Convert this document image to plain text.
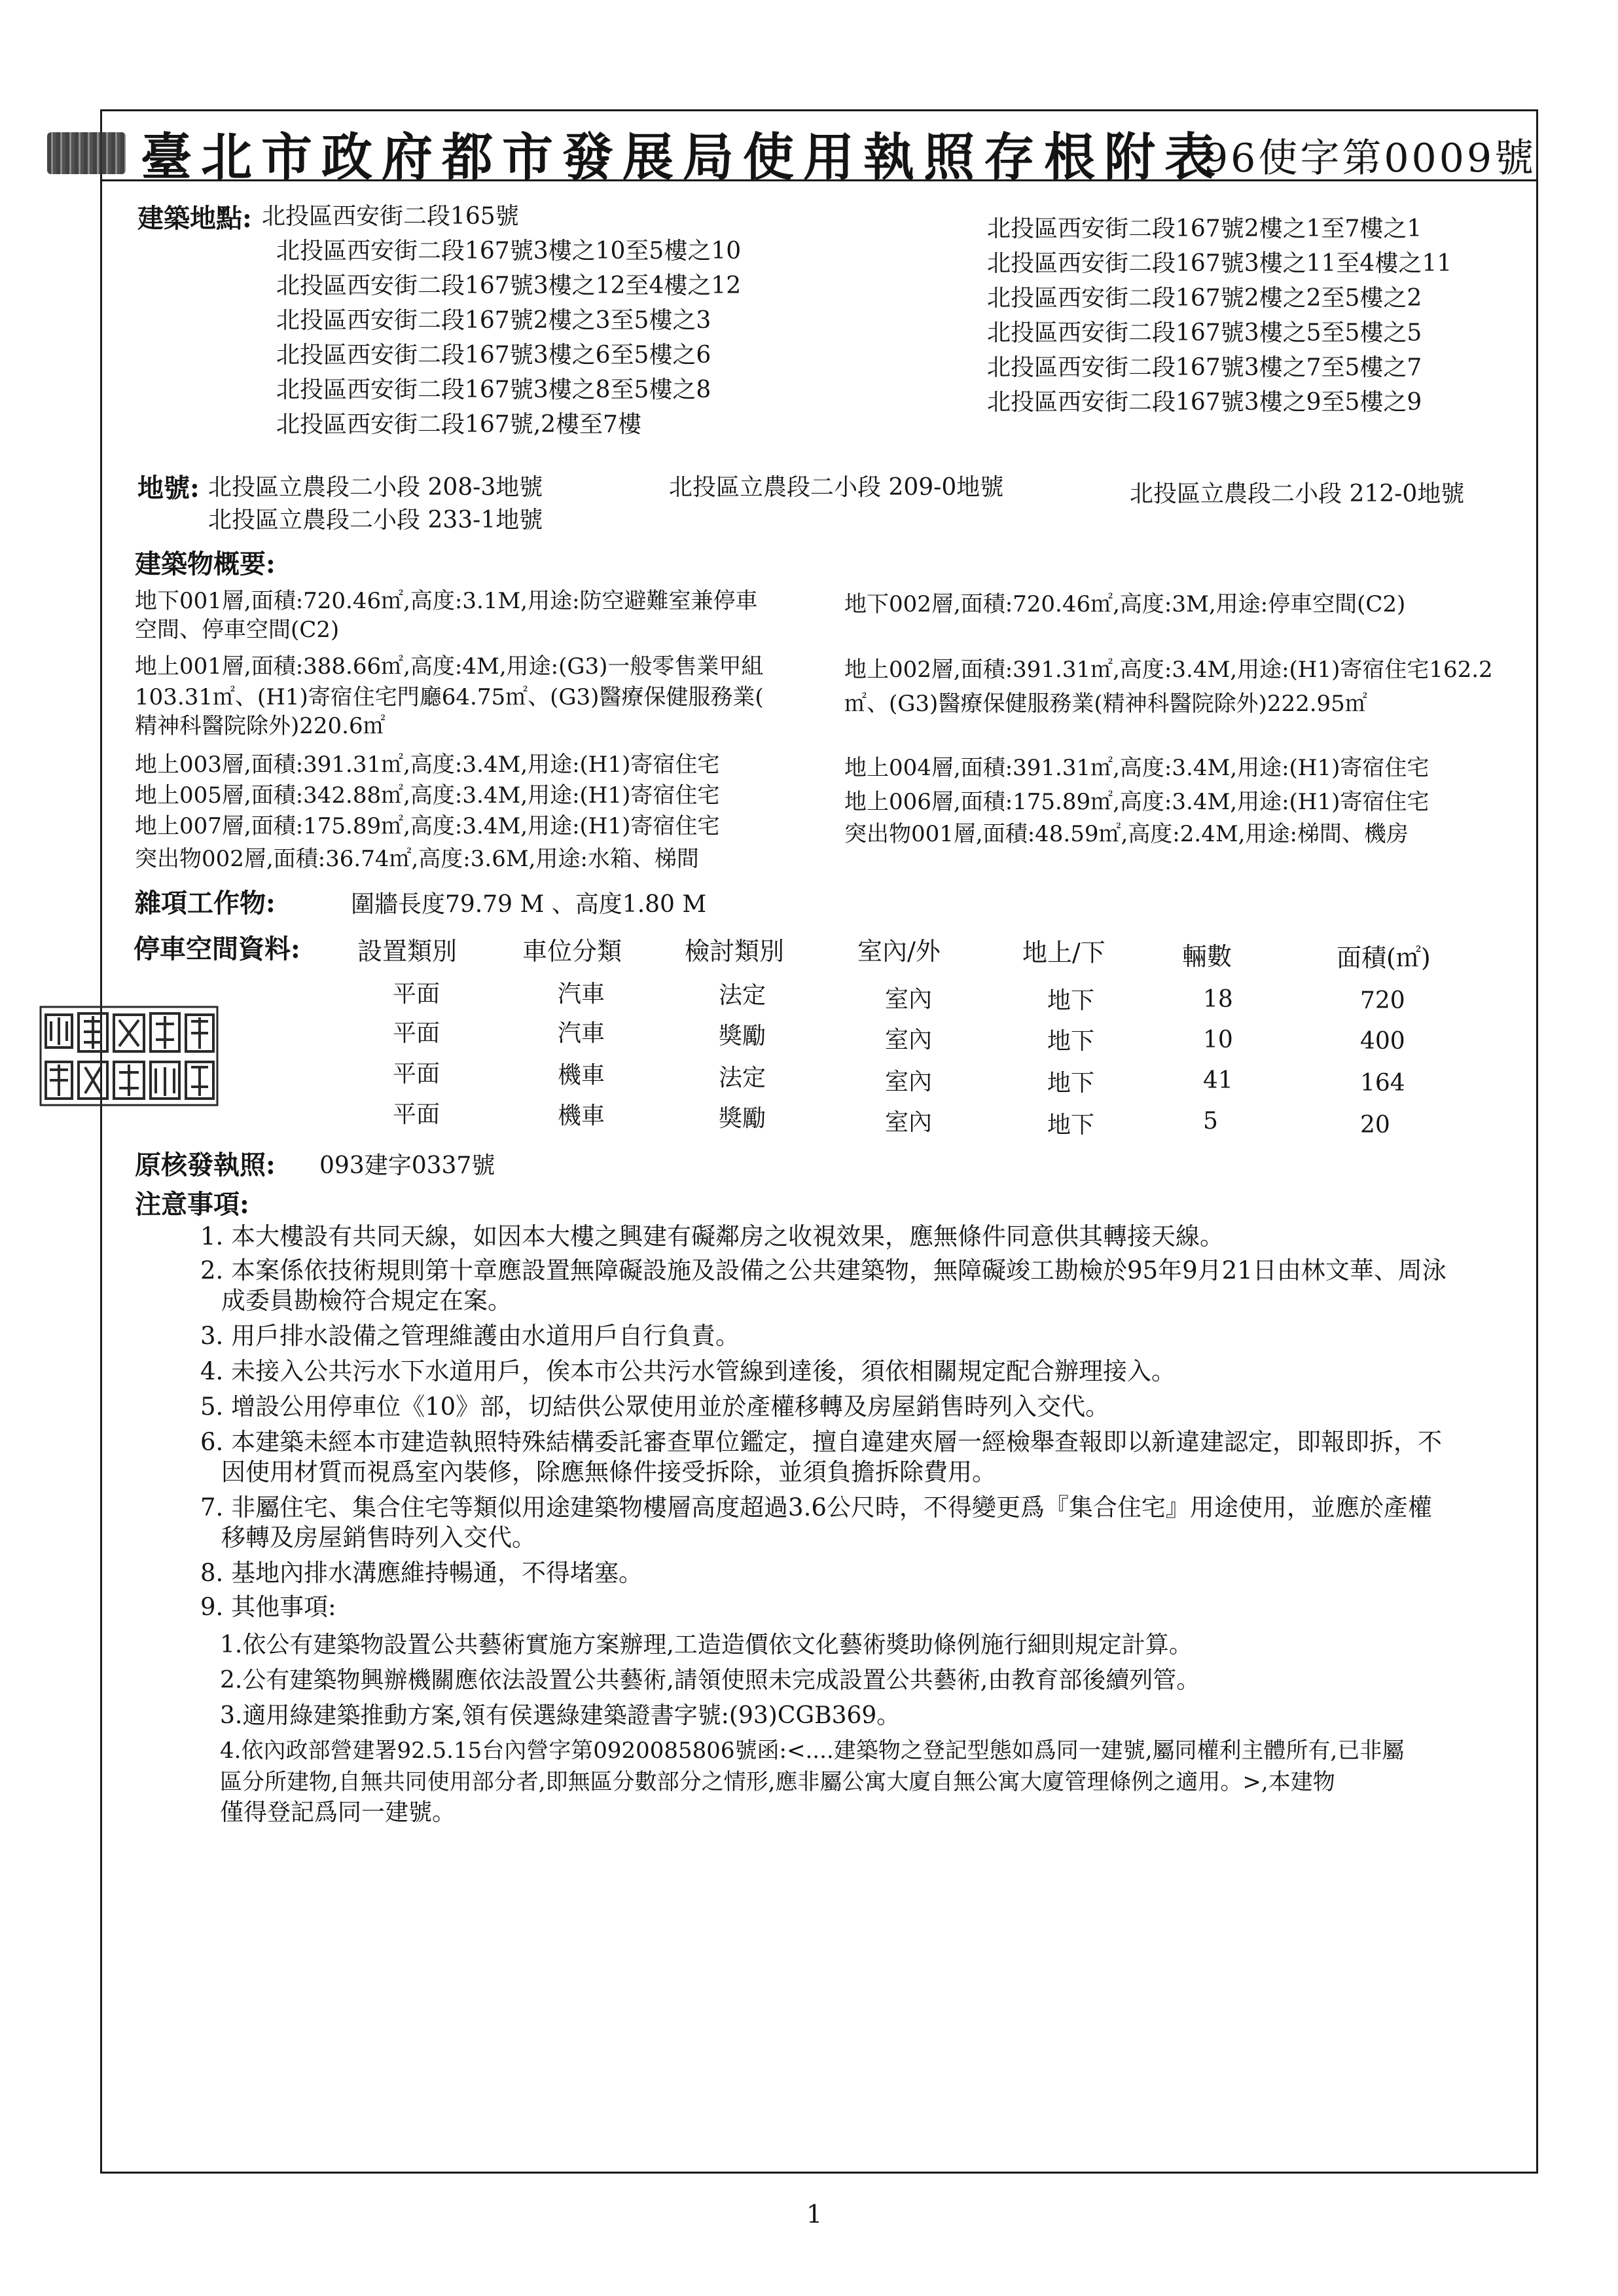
臺北市政府都市發展局使用執照存根附表
96使字第0009號
建築地點: 北投區西安街二段165號
北投區西安街二段167號3樓之10至5樓之10
北投區西安街二段167號3樓之12至4樓之12
北投區西安街二段167號2樓之3至5樓之3
北投區西安街二段167號3樓之6至5樓之6
北投區西安街二段167號3樓之8至5樓之8
北投區西安街二段167號,2樓至7樓
北投區西安街二段167號2樓之1至7樓之1
北投區西安街二段167號3樓之11至4樓之11
北投區西安街二段167號2樓之2至5樓之2
北投區西安街二段167號3樓之5至5樓之5
北投區西安街二段167號3樓之7至5樓之7
北投區西安街二段167號3樓之9至5樓之9
地號: 北投區立農段二小段 208-3地號	北投區立農段二小段 209-0地號	北投區立農段二小段 212-0地號
北投區立農段二小段 233-1地號
建築物概要:
地下001層,面積:720.46㎡,高度:3.1M,用途:防空避難室兼停車	地下002層,面積:720.46㎡,高度:3M,用途:停車空間(C2)
空間、停車空間(C2)
地上001層,面積:388.66㎡,高度:4M,用途:(G3)一般零售業甲組	地上002層,面積:391.31㎡,高度:3.4M,用途:(H1)寄宿住宅162.2
103.31㎡、(H1)寄宿住宅門廳64.75㎡、(G3)醫療保健服務業(	㎡、(G3)醫療保健服務業(精神科醫院除外)222.95㎡
精神科醫院除外)220.6㎡
地上003層,面積:391.31㎡,高度:3.4M,用途:(H1)寄宿住宅	地上004層,面積:391.31㎡,高度:3.4M,用途:(H1)寄宿住宅
地上005層,面積:342.88㎡,高度:3.4M,用途:(H1)寄宿住宅	地上006層,面積:175.89㎡,高度:3.4M,用途:(H1)寄宿住宅
地上007層,面積:175.89㎡,高度:3.4M,用途:(H1)寄宿住宅	突出物001層,面積:48.59㎡,高度:2.4M,用途:梯間、機房
突出物002層,面積:36.74㎡,高度:3.6M,用途:水箱、梯間
雜項工作物:	圍牆長度79.79 M 、高度1.80 M
停車空間資料: 設置類別	車位分類	檢討類別	室內/外	地上/下	輛數	面積(㎡)
平面	汽車	法定	室內	地下	18	720
平面	汽車	獎勵	室內	地下	10	400
平面	機車	法定	室內	地下	41	164
平面	機車	獎勵	室內	地下	5	20
原核發執照: 093建字0337號
注意事項:
1. 本大樓設有共同天線，如因本大樓之興建有礙鄰房之收視效果，應無條件同意供其轉接天線。
2. 本案係依技術規則第十章應設置無障礙設施及設備之公共建築物，無障礙竣工勘檢於95年9月21日由林文華、周泳
成委員勘檢符合規定在案。
3. 用戶排水設備之管理維護由水道用戶自行負責。
4. 未接入公共污水下水道用戶，俟本市公共污水管線到達後，須依相關規定配合辦理接入。
5. 增設公用停車位《10》部，切結供公眾使用並於產權移轉及房屋銷售時列入交代。
6. 本建築未經本市建造執照特殊結構委託審查單位鑑定，擅自違建夾層一經檢舉查報即以新違建認定，即報即拆，不
因使用材質而視爲室內裝修，除應無條件接受拆除，並須負擔拆除費用。
7. 非屬住宅、集合住宅等類似用途建築物樓層高度超過3.6公尺時，不得變更爲『集合住宅』用途使用，並應於產權
移轉及房屋銷售時列入交代。
8. 基地內排水溝應維持暢通，不得堵塞。
9. 其他事項:
1.依公有建築物設置公共藝術實施方案辦理,工造造價依文化藝術獎助條例施行細則規定計算。
2.公有建築物興辦機關應依法設置公共藝術,請領使照未完成設置公共藝術,由教育部後續列管。
3.適用綠建築推動方案,領有侯選綠建築證書字號:(93)CGB369。
4.依內政部營建署92.5.15台內營字第0920085806號函:<....建築物之登記型態如爲同一建號,屬同權利主體所有,已非屬
區分所建物,自無共同使用部分者,即無區分數部分之情形,應非屬公寓大廈自無公寓大廈管理條例之適用。>,本建物
僅得登記爲同一建號。
1
